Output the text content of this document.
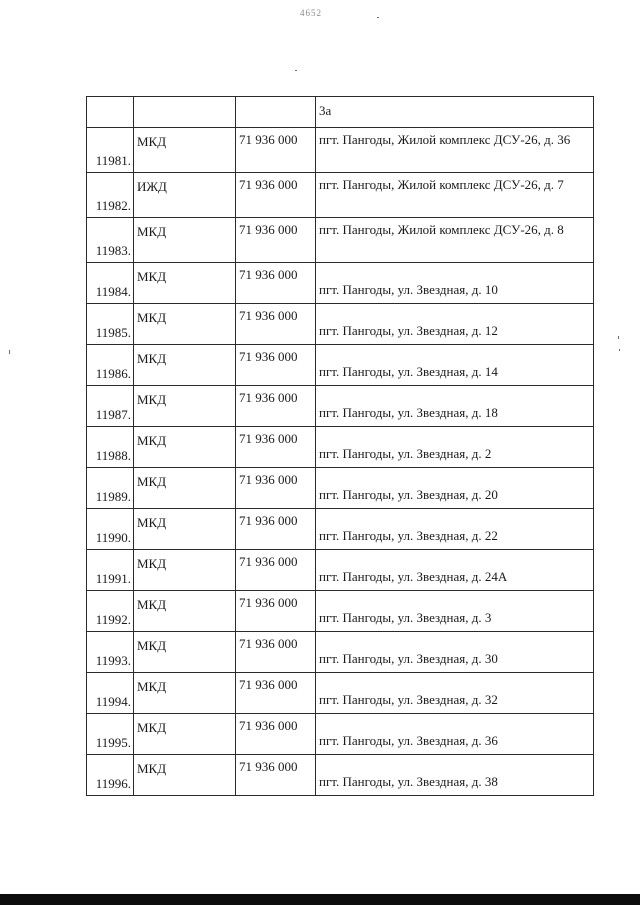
4652
			3а
11981.	МКД	71 936 000	пгт. Пангоды, Жилой комплекс ДСУ-26, д. 36
11982.	ИЖД	71 936 000	пгт. Пангоды, Жилой комплекс ДСУ-26, д. 7
11983.	МКД	71 936 000	пгт. Пангоды, Жилой комплекс ДСУ-26, д. 8
11984.	МКД	71 936 000	пгт. Пангоды, ул. Звездная, д. 10
11985.	МКД	71 936 000	пгт. Пангоды, ул. Звездная, д. 12
11986.	МКД	71 936 000	пгт. Пангоды, ул. Звездная, д. 14
11987.	МКД	71 936 000	пгт. Пангоды, ул. Звездная, д. 18
11988.	МКД	71 936 000	пгт. Пангоды, ул. Звездная, д. 2
11989.	МКД	71 936 000	пгт. Пангоды, ул. Звездная, д. 20
11990.	МКД	71 936 000	пгт. Пангоды, ул. Звездная, д. 22
11991.	МКД	71 936 000	пгт. Пангоды, ул. Звездная, д. 24А
11992.	МКД	71 936 000	пгт. Пангоды, ул. Звездная, д. 3
11993.	МКД	71 936 000	пгт. Пангоды, ул. Звездная, д. 30
11994.	МКД	71 936 000	пгт. Пангоды, ул. Звездная, д. 32
11995.	МКД	71 936 000	пгт. Пангоды, ул. Звездная, д. 36
11996.	МКД	71 936 000	пгт. Пангоды, ул. Звездная, д. 38
